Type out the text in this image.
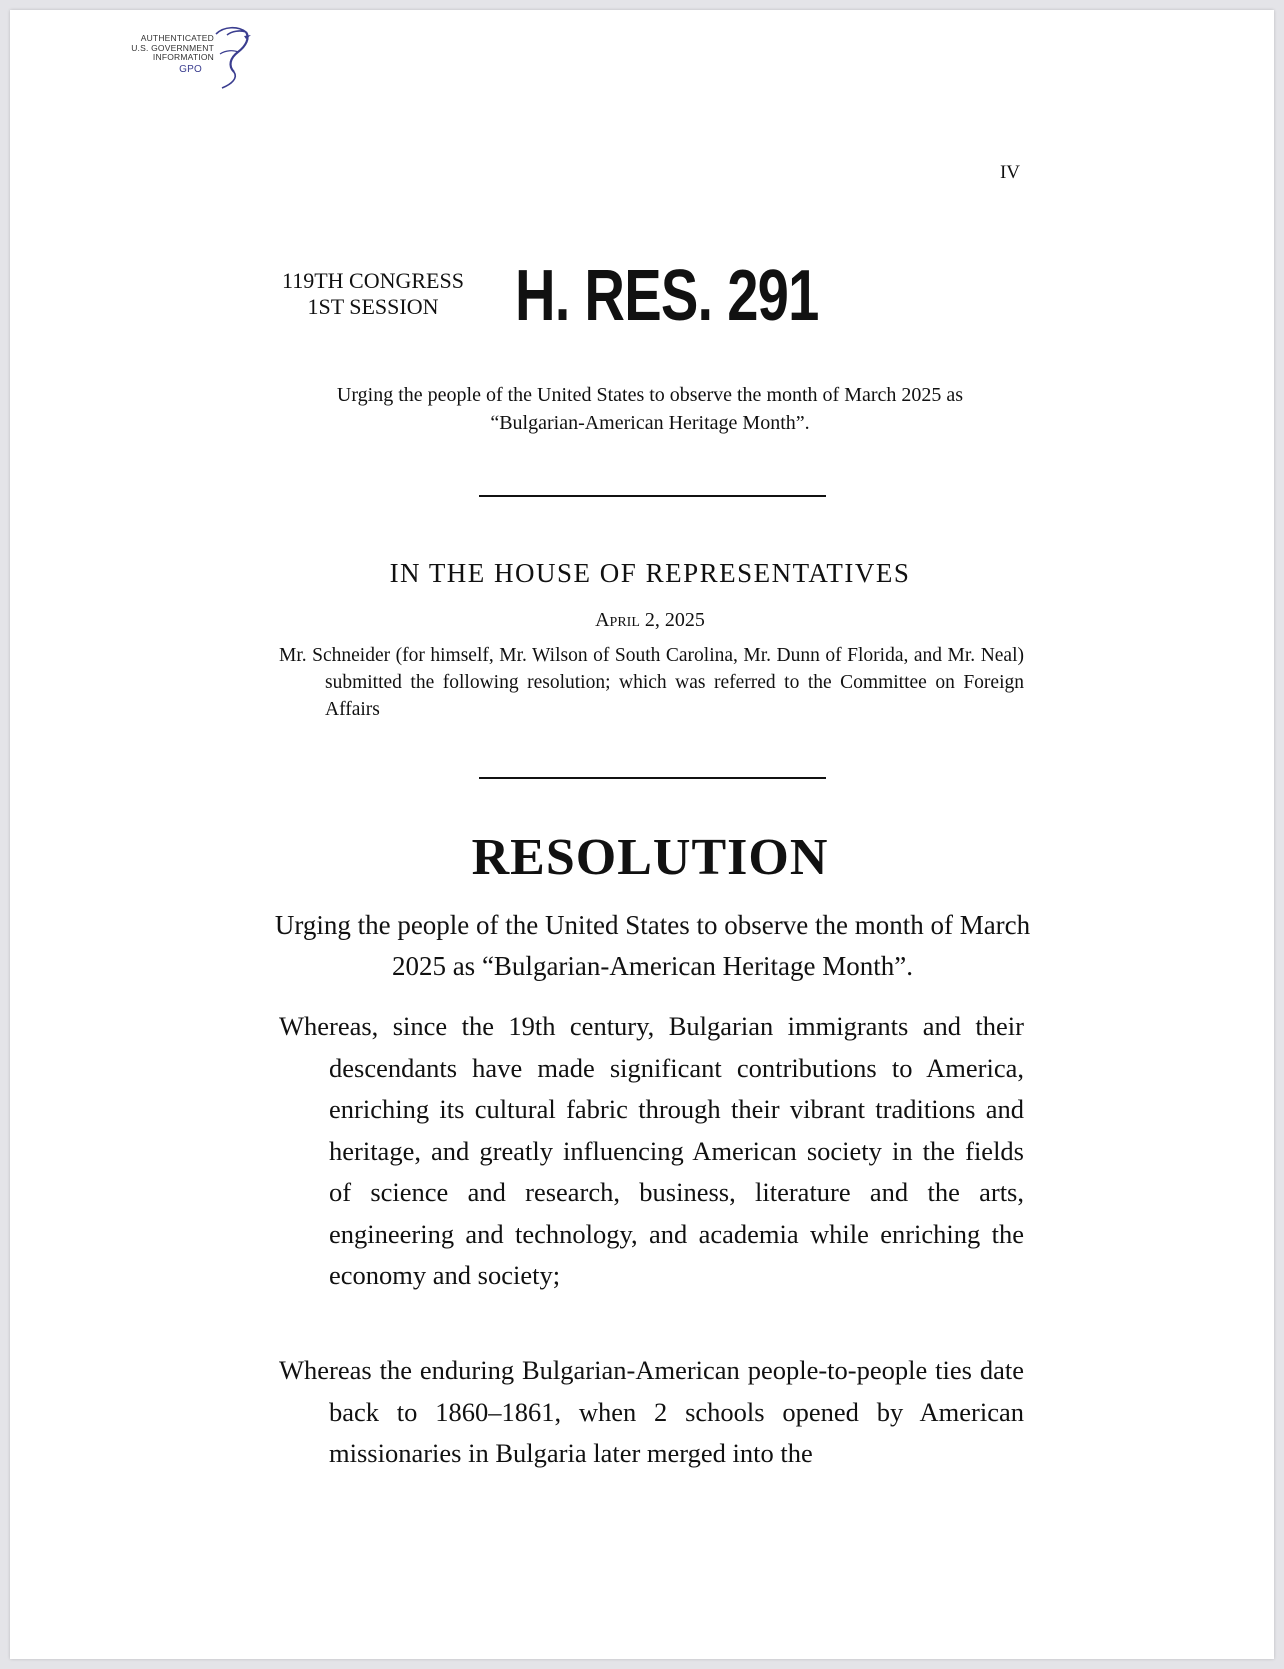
AUTHENTICATED
U.S. GOVERNMENT
INFORMATION
GPO
IV
119TH CONGRESS
1ST SESSION	H. RES. 291
Urging the people of the United States to observe the month of March 2025 as “Bulgarian-American Heritage Month”.
IN THE HOUSE OF REPRESENTATIVES
April 2, 2025
Mr. Schneider (for himself, Mr. Wilson of South Carolina, Mr. Dunn of Florida, and Mr. Neal) submitted the following resolution; which was referred to the Committee on Foreign Affairs
RESOLUTION
Urging the people of the United States to observe the month of March 2025 as “Bulgarian-American Heritage Month”.
Whereas, since the 19th century, Bulgarian immigrants and their descendants have made significant contributions to America, enriching its cultural fabric through their vibrant traditions and heritage, and greatly influencing American society in the fields of science and research, business, literature and the arts, engineering and technology, and academia while enriching the economy and society;
Whereas the enduring Bulgarian-American people-to-people ties date back to 1860–1861, when 2 schools opened by American missionaries in Bulgaria later merged into the
